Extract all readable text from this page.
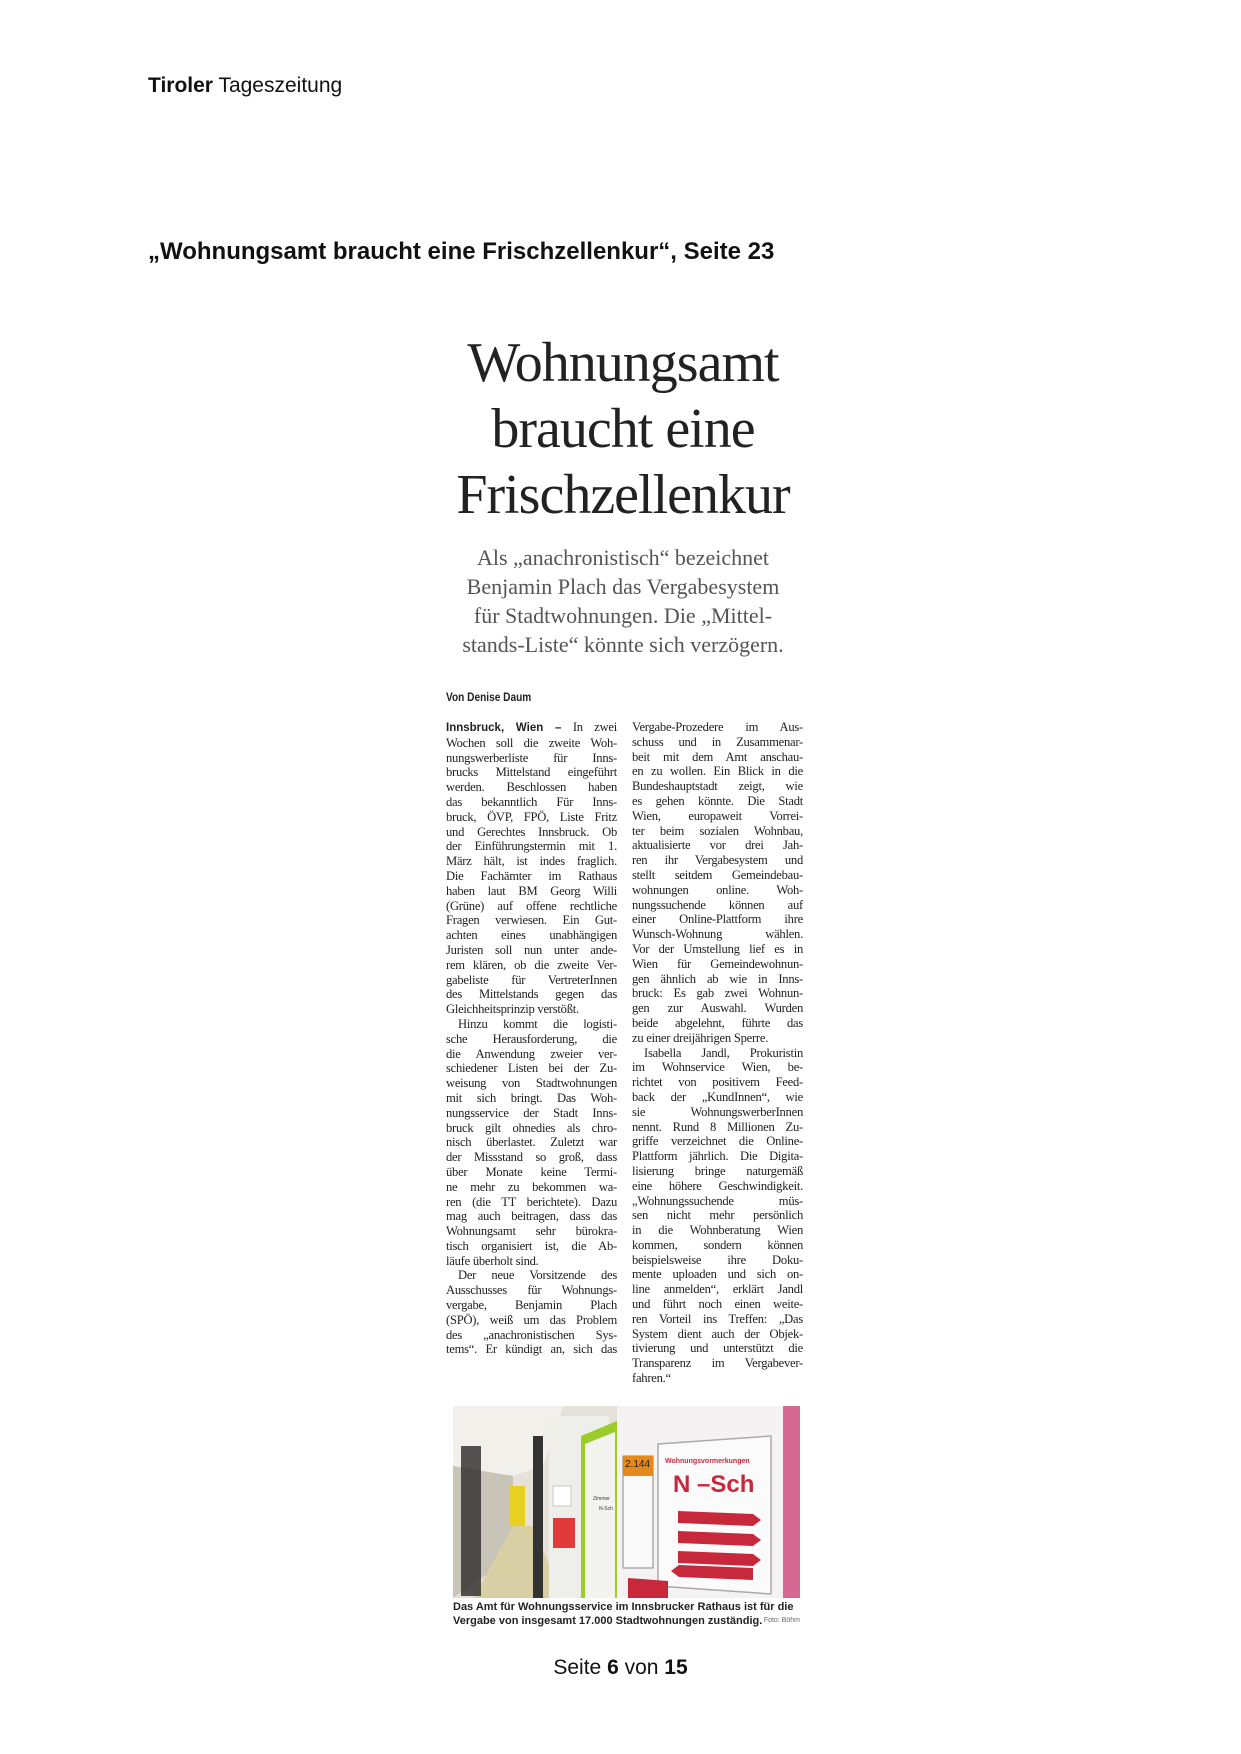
Tiroler Tageszeitung
„Wohnungsamt braucht eine Frischzellenkur“, Seite 23
Wohnungsamt
braucht eine
Frischzellenkur
Als „anachronistisch“ bezeichnet
Benjamin Plach das Vergabesystem
für Stadtwohnungen. Die „Mittel-
stands-Liste“ könnte sich verzögern.
Von Denise Daum
Innsbruck, Wien – In zwei
Wochen soll die zweite Woh-
nungswerberliste für Inns-
brucks Mittelstand eingeführt
werden. Beschlossen haben
das bekanntlich Für Inns-
bruck, ÖVP, FPÖ, Liste Fritz
und Gerechtes Innsbruck. Ob
der Einführungstermin mit 1.
März hält, ist indes fraglich.
Die Fachämter im Rathaus
haben laut BM Georg Willi
(Grüne) auf offene rechtliche
Fragen verwiesen. Ein Gut-
achten eines unabhängigen
Juristen soll nun unter ande-
rem klären, ob die zweite Ver-
gabeliste für VertreterInnen
des Mittelstands gegen das
Gleichheitsprinzip verstößt.
Hinzu kommt die logisti-
sche Herausforderung, die
die Anwendung zweier ver-
schiedener Listen bei der Zu-
weisung von Stadtwohnungen
mit sich bringt. Das Woh-
nungsservice der Stadt Inns-
bruck gilt ohnedies als chro-
nisch überlastet. Zuletzt war
der Missstand so groß, dass
über Monate keine Termi-
ne mehr zu bekommen wa-
ren (die TT berichtete). Dazu
mag auch beitragen, dass das
Wohnungsamt sehr bürokra-
tisch organisiert ist, die Ab-
läufe überholt sind.
Der neue Vorsitzende des
Ausschusses für Wohnungs-
vergabe, Benjamin Plach
(SPÖ), weiß um das Problem
des „anachronistischen Sys-
tems“. Er kündigt an, sich das
Vergabe-Prozedere im Aus-
schuss und in Zusammenar-
beit mit dem Amt anschau-
en zu wollen. Ein Blick in die
Bundeshauptstadt zeigt, wie
es gehen könnte. Die Stadt
Wien, europaweit Vorrei-
ter beim sozialen Wohnbau,
aktualisierte vor drei Jah-
ren ihr Vergabesystem und
stellt seitdem Gemeindebau-
wohnungen online. Woh-
nungssuchende können auf
einer Online-Plattform ihre
Wunsch-Wohnung wählen.
Vor der Umstellung lief es in
Wien für Gemeindewohnun-
gen ähnlich ab wie in Inns-
bruck: Es gab zwei Wohnun-
gen zur Auswahl. Wurden
beide abgelehnt, führte das
zu einer dreijährigen Sperre.
Isabella Jandl, Prokuristin
im Wohnservice Wien, be-
richtet von positivem Feed-
back der „KundInnen“, wie
sie WohnungswerberInnen
nennt. Rund 8 Millionen Zu-
griffe verzeichnet die Online-
Plattform jährlich. Die Digita-
lisierung bringe naturgemäß
eine höhere Geschwindigkeit.
„Wohnungssuchende müs-
sen nicht mehr persönlich
in die Wohnberatung Wien
kommen, sondern können
beispielsweise ihre Doku-
mente uploaden und sich on-
line anmelden“, erklärt Jandl
und führt noch einen weite-
ren Vorteil ins Treffen: „Das
System dient auch der Objek-
tivierung und unterstützt die
Transparenz im Vergabever-
fahren.“
2.144 Wohnungsvormerkungen
N –Sch
Zimmer
N-Sch
Das Amt für Wohnungsservice im Innsbrucker Rathaus ist für die Vergabe von insgesamt 17.000 Stadtwohnungen zuständig. Foto: Böhm
Seite 6 von 15
